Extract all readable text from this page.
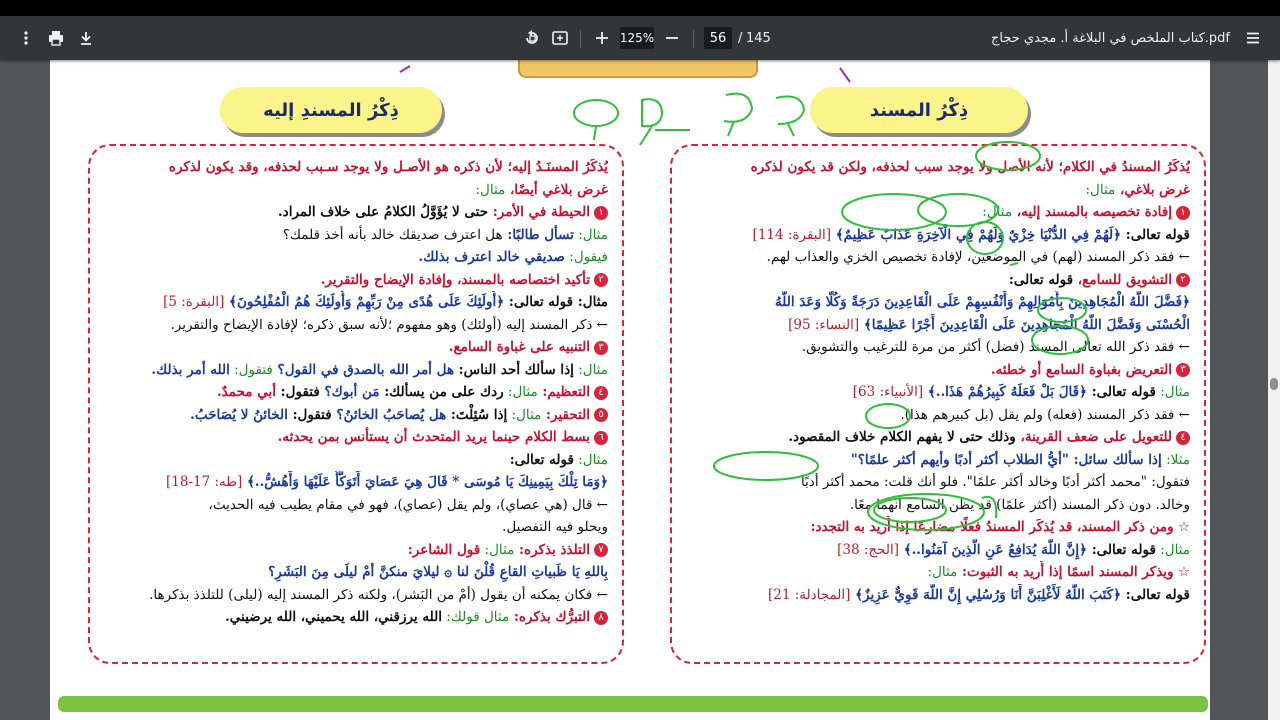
125%	56 / 145	كتاب الملخص في البلاغة أ. مجدي حجاج.pdf
ذِكْرُ المسندِ إليه	ذِكْرُ المسند

يُذكَرُ المسنَـدُ إليه؛ لأن ذكره هو الأصـل ولا يوجد سـبب لحذفه، وقد يكون لذكره

غرض بلاغي أيضًا، مثال:

١الحيطة في الأمر: حتى لا يُؤَوَّلُ الكلامُ على خلاف المراد.

مثال: تسأل طالبًا: هل اعترف صديقك خالد بأنه أخذ قلمك؟

فيقول: صديقي خالد اعترف بذلك.

٢تأكيد اختصاصه بالمسند، وإفادة الإيضاح والتقرير.

مثال: قوله تعالى: ﴿أُولَئِكَ عَلَى هُدًى مِنْ رَبِّهِمْ وَأُولَئِكَ هُمُ الْمُفْلِحُونَ﴾ [البقرة: 5]

← ذكر المسند إليه (أولئك) وهو مفهوم ؛لأنه سبق ذكره؛ لإفادة الإيضاح والتقرير.

٣التنبيه على غباوة السامع.

مثال: إذا سألك أحد الناس: هل أمر الله بالصدق في القول؟ فتقول: الله أمر بذلك.

٤التعظيم: مثال: ردك على من يسألك: مَن أبوك؟ فتقول: أبي محمدٌ.

٥التحقير: مثال: إذا سُئِلْتَ: هل يُصاحَبُ الخائنُ؟ فتقول: الخائنُ لا يُصَاحَبُ.

٦بسط الكلام حينما يريد المتحدث أن يستأنس بمن يحدثه.

مثال: قوله تعالى:

﴿وَمَا تِلْكَ بِيَمِينِكَ يَا مُوسَى * قَالَ هِيَ عَصَايَ أَتَوَكَّأُ عَلَيْهَا وَأَهُشُّ..﴾ [طه: 17-18]

← قال (هي عصاي)، ولم يقل (عصاي)، فهو في مقام يطيب فيه الحديث،

ويحلو فيه التفصيل.

٧التلذذ بذكره: مثال: قول الشاعر:

بِاللهِ يَا ظَبياتِ القاعِ قُلْنَ لنا ۞ ليلايَ منكنَّ أمْ ليلَى مِنَ البَشَرِ؟

← فكان يمكنه أن يقول (أمْ من البَشر)، ولكنه ذكر المسند إليه (ليلى) للتلذذ بذكرها.

٨التبرُّك بذكره: مثال قولك: الله يرزقني، الله يحميني، الله يرضيني.

يُذكَرُ المسندُ في الكلام؛ لأنه الأصل ولا يوجد سبب لحذفه، ولكن قد يكون لذكره

غرض بلاغي، مثال:

١إفادة تخصيصه بالمسند إليه، مثال:

قوله تعالى: ﴿لَهُمْ فِي الدُّنْيَا خِزْيٌ وَلَهُمْ فِي الْآخِرَةِ عَذَابٌ عَظِيمٌ﴾ [البقرة: 114]

← فقد ذكر المسند (لهم) في الموضعين، لإفادة تخصيص الخزي والعذاب لهم.

٢التشويق للسامع، قوله تعالى:

﴿فَضَّلَ اللَّهُ الْمُجَاهِدِينَ بِأَمْوَالِهِمْ وَأَنْفُسِهِمْ عَلَى الْقَاعِدِينَ دَرَجَةً وَكُلًّا وَعَدَ اللَّهُ

الْحُسْنَى وَفَضَّلَ اللَّهُ الْمُجَاهِدِينَ عَلَى الْقَاعِدِينَ أَجْرًا عَظِيمًا﴾ [النساء: 95]

← فقد ذكر الله تعالى المسند (فضل) أكثر من مرة للترغيب والتشويق.

٣التعريض بغباوة السامع أو خطئه.

مثال: قوله تعالى: ﴿قَالَ بَلْ فَعَلَهُ كَبِيرُهُمْ هَذَا..﴾ [الأنبياء: 63]

← فقد ذكر المسند (فعله) ولم يقل (بل كبيرهم هذا).

٤للتعويل على ضعف القرينة، وذلك حتى لا يفهم الكلام خلاف المقصود.

مثلا: إذا سألك سائل: "أيُّ الطلاب أكثر أدبًا وأيهم أكثر علمًا؟"

فتقول: "محمد أكثر أدبًا وخالد أكثر علمًا". فلو أنك قلت: محمد أكثر أدبًا

وخالد. دون ذكر المسند (أكثر علمًا) قد يظن السامع أنهما معًا.

☆ ومن ذكر المسند، قد يُذكَر المسندُ فعلًا مضارعًا إذا أُريد به التجدد:

مثال: قوله تعالى: ﴿إِنَّ اللَّهَ يُدَافِعُ عَنِ الَّذِينَ آمَنُوا..﴾ [الحج: 38]

☆ ويذكر المسند اسمًا إذا أُريد به الثبوت: مثال:

قوله تعالى: ﴿كَتَبَ اللَّهُ لَأَغْلِبَنَّ أَنَا وَرُسُلِي إِنَّ اللَّهَ قَوِيٌّ عَزِيزٌ﴾ [المجادلة: 21]
